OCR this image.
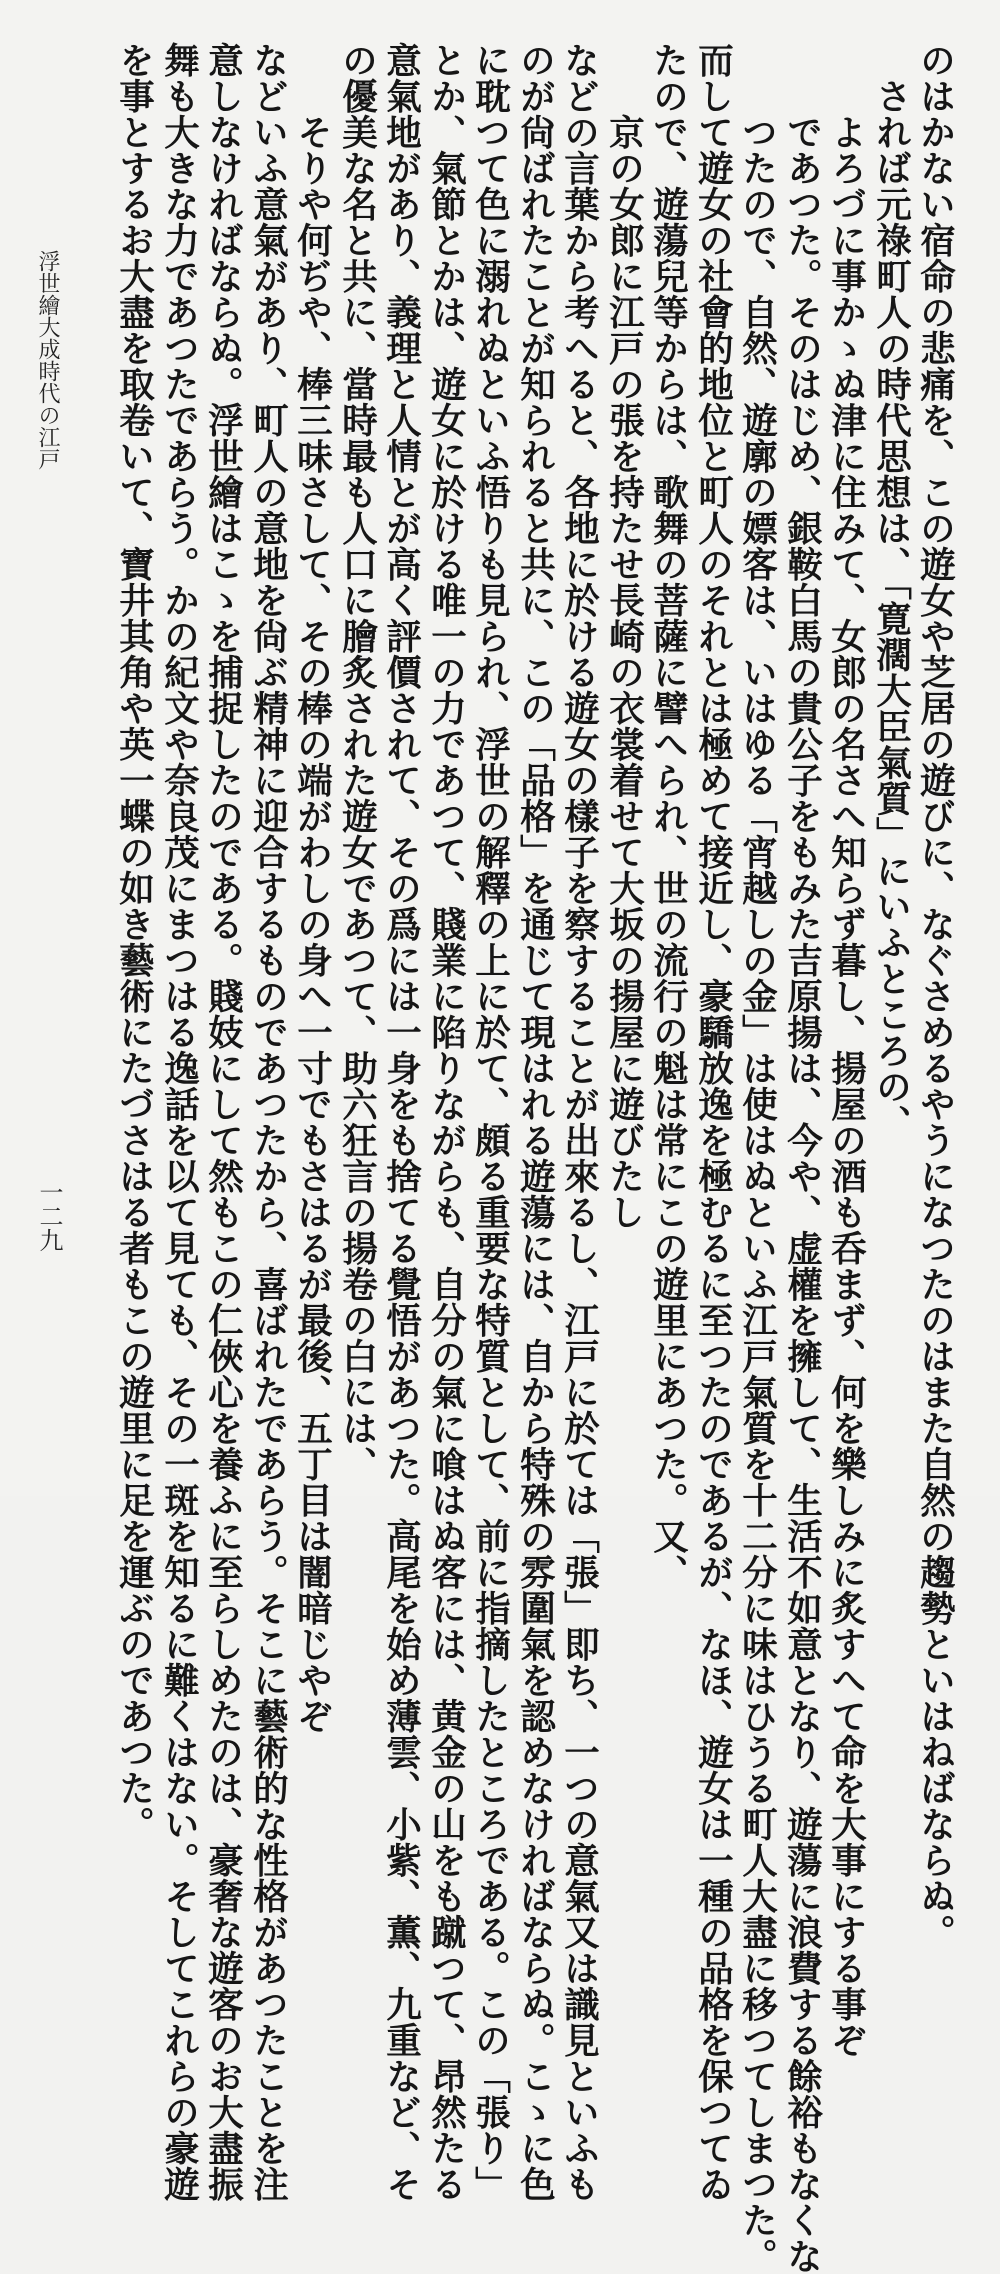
のはかない宿命の悲痛を、この遊女や芝居の遊びに、なぐさめるやうになつたのはまた自然の趨勢といはねばならぬ。
　されば元祿町人の時代思想は、「寛濶大臣氣質」にいふところの、
　　よろづに事かゝぬ津に住みて、女郎の名さへ知らず暮し、揚屋の酒も呑まず、何を樂しみに炙すへて命を大事にする事ぞ
　　であつた。そのはじめ、銀鞍白馬の貴公子をもみた吉原揚は、今や、虚權を擁して、生活不如意となり、遊蕩に浪費する餘裕もなくな
　　つたので、自然、遊廓の嫖客は、いはゆる「宵越しの金」は使はぬといふ江戸氣質を十二分に味はひうる町人大盡に移つてしまつた。
而して遊女の社會的地位と町人のそれとは極めて接近し、豪驕放逸を極むるに至つたのであるが、なほ、遊女は一種の品格を保つてゐ
たので、遊蕩兒等からは、歌舞の菩薩に譬へられ、世の流行の魁は常にこの遊里にあつた。又、
　　京の女郎に江戸の張を持たせ長崎の衣裳着せて大坂の揚屋に遊びたし
などの言葉から考へると、各地に於ける遊女の樣子を察することが出來るし、江戸に於ては「張」即ち、一つの意氣又は識見といふも
のが尙ばれたことが知られると共に、この「品格」を通じて現はれる遊蕩には、自から特殊の雰圍氣を認めなければならぬ。こゝに色
に耽つて色に溺れぬといふ悟りも見られ、浮世の解釋の上に於て、頗る重要な特質として、前に指摘したところである。この「張り」
とか、氣節とかは、遊女に於ける唯一の力であつて、賤業に陷りながらも、自分の氣に喰はぬ客には、黄金の山をも蹴つて、昂然たる
意氣地があり、義理と人情とが高く評價されて、その爲には一身をも捨てる覺悟があつた。高尾を始め薄雲、小紫、薫、九重など、そ
の優美な名と共に、當時最も人口に膾炙された遊女であつて、助六狂言の揚卷の白には、
　　そりや何ぢや、棒三味さして、その棒の端がわしの身へ一寸でもさはるが最後、五丁目は闇暗じやぞ
などいふ意氣があり、町人の意地を尙ぶ精神に迎合するものであつたから、喜ばれたであらう。そこに藝術的な性格があつたことを注
意しなければならぬ。浮世繪はこゝを捕捉したのである。賤妓にして然もこの仁俠心を養ふに至らしめたのは、豪奢な遊客のお大盡振
舞も大きな力であつたであらう。かの紀文や奈良茂にまつはる逸話を以て見ても、その一斑を知るに難くはない。そしてこれらの豪遊
を事とするお大盡を取卷いて、寶井其角や英一蝶の如き藝術にたづさはる者もこの遊里に足を運ぶのであつた。
浮世繪大成時代の江戸
一二九
